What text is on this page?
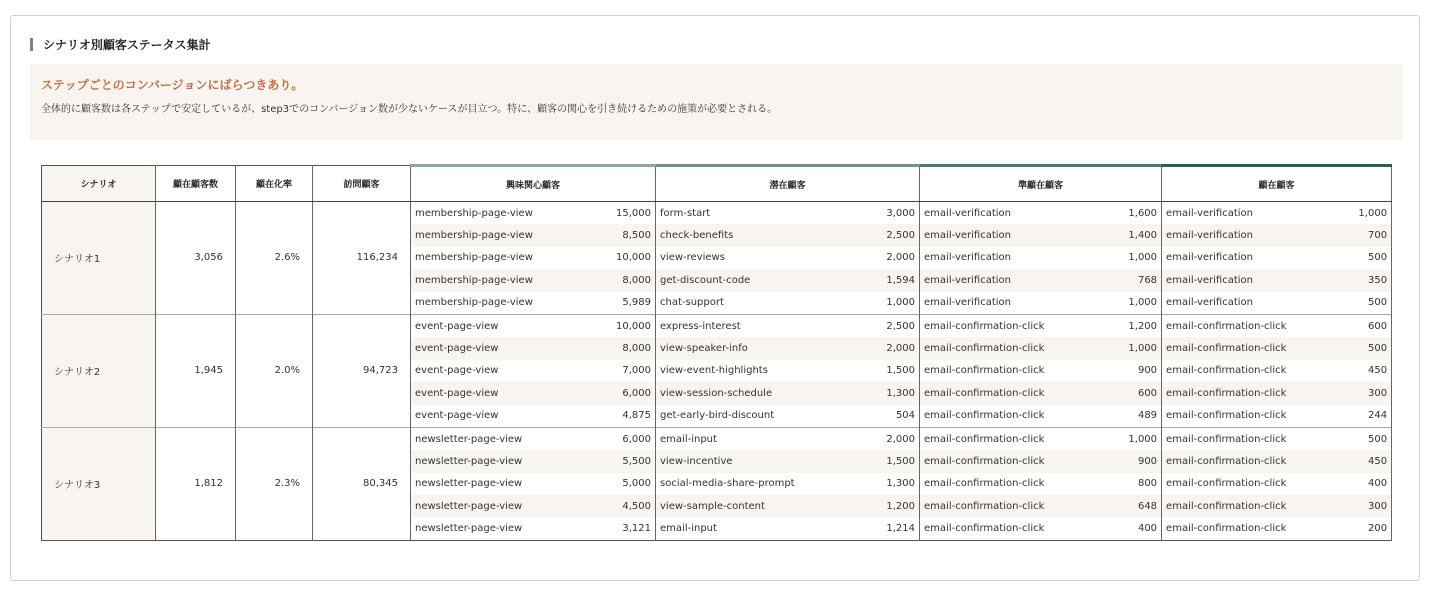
シナリオ別顧客ステータス集計
ステップごとのコンバージョンにばらつきあり。
全体的に顧客数は各ステップで安定しているが、step3でのコンバージョン数が少ないケースが目立つ。特に、顧客の関心を引き続けるための施策が必要とされる。
シナリオ	顧在顧客数	顧在化率	訪問顧客	興味関心顧客		潜在顧客		準顧在顧客		顧在顧客	
シナリオ1	3,056	2.6%	116,234	membership-page-view	15,000	form-start	3,000	email-verification	1,600	email-verification	1,000
				membership-page-view	8,500	check-benefits	2,500	email-verification	1,400	email-verification	700
				membership-page-view	10,000	view-reviews	2,000	email-verification	1,000	email-verification	500
				membership-page-view	8,000	get-discount-code	1,594	email-verification	768	email-verification	350
				membership-page-view	5,989	chat-support	1,000	email-verification	1,000	email-verification	500
シナリオ2	1,945	2.0%	94,723	event-page-view	10,000	express-interest	2,500	email-confirmation-click	1,200	email-confirmation-click	600
				event-page-view	8,000	view-speaker-info	2,000	email-confirmation-click	1,000	email-confirmation-click	500
				event-page-view	7,000	view-event-highlights	1,500	email-confirmation-click	900	email-confirmation-click	450
				event-page-view	6,000	view-session-schedule	1,300	email-confirmation-click	600	email-confirmation-click	300
				event-page-view	4,875	get-early-bird-discount	504	email-confirmation-click	489	email-confirmation-click	244
シナリオ3	1,812	2.3%	80,345	newsletter-page-view	6,000	email-input	2,000	email-confirmation-click	1,000	email-confirmation-click	500
				newsletter-page-view	5,500	view-incentive	1,500	email-confirmation-click	900	email-confirmation-click	450
				newsletter-page-view	5,000	social-media-share-prompt	1,300	email-confirmation-click	800	email-confirmation-click	400
				newsletter-page-view	4,500	view-sample-content	1,200	email-confirmation-click	648	email-confirmation-click	300
				newsletter-page-view	3,121	email-input	1,214	email-confirmation-click	400	email-confirmation-click	200
